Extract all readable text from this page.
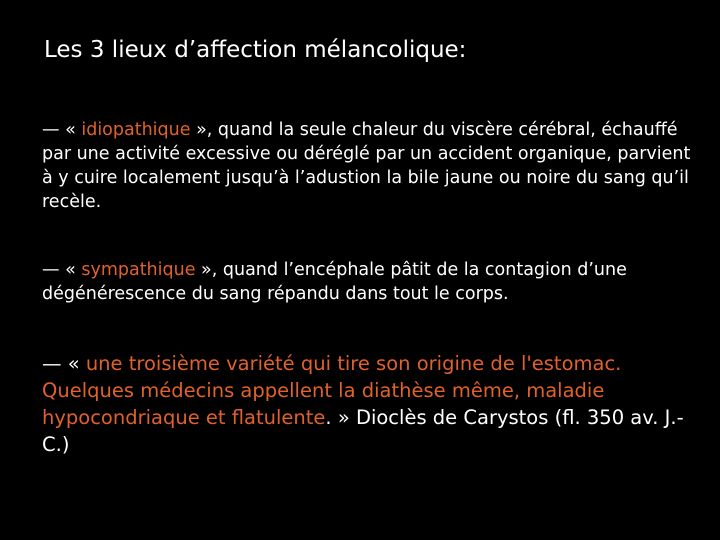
Les 3 lieux d’affection mélancolique:

— « idiopathique », quand la seule chaleur du viscère cérébral, échauffé par une activité excessive ou déréglé par un accident organique, parvient à y cuire localement jusqu’à l’adustion la bile jaune ou noire du sang qu’il recèle.

— « sympathique », quand l’encéphale pâtit de la contagion d’une dégénérescence du sang répandu dans tout le corps.

— « une troisième variété qui tire son origine de l'estomac. Quelques médecins appellent la diathèse même, maladie hypocondriaque et flatulente. » Dioclès de Carystos (fl. 350 av. J.-C.)
